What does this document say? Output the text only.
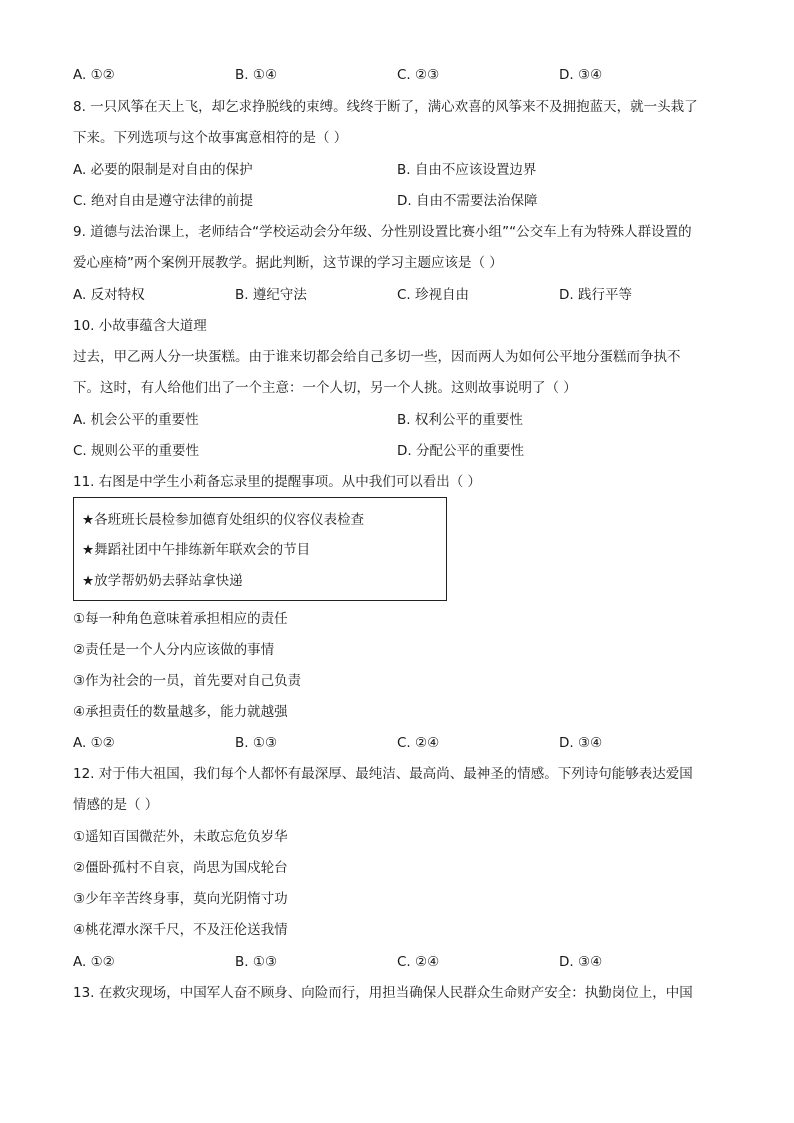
A. ①②	B. ①④	C. ②③	D. ③④
8. 一只风筝在天上飞，却乞求挣脱线的束缚。线终于断了，满心欢喜的风筝来不及拥抱蓝天，就一头栽了
下来。下列选项与这个故事寓意相符的是（ ）
A. 必要的限制是对自由的保护	B. 自由不应该设置边界
C. 绝对自由是遵守法律的前提	D. 自由不需要法治保障
9. 道德与法治课上，老师结合“学校运动会分年级、分性别设置比赛小组”“公交车上有为特殊人群设置的
爱心座椅”两个案例开展教学。据此判断，这节课的学习主题应该是（ ）
A. 反对特权	B. 遵纪守法	C. 珍视自由	D. 践行平等
10. 小故事蕴含大道理
过去，甲乙两人分一块蛋糕。由于谁来切都会给自己多切一些，因而两人为如何公平地分蛋糕而争执不
下。这时，有人给他们出了一个主意：一个人切，另一个人挑。这则故事说明了（ ）
A. 机会公平的重要性	B. 权利公平的重要性
C. 规则公平的重要性	D. 分配公平的重要性
11. 右图是中学生小莉备忘录里的提醒事项。从中我们可以看出（ ）
★各班班长晨检参加德育处组织的仪容仪表检查
★舞蹈社团中午排练新年联欢会的节目
★放学帮奶奶去驿站拿快递
①每一种角色意味着承担相应的责任
②责任是一个人分内应该做的事情
③作为社会的一员，首先要对自己负责
④承担责任的数量越多，能力就越强
A. ①②	B. ①③	C. ②④	D. ③④
12. 对于伟大祖国，我们每个人都怀有最深厚、最纯洁、最高尚、最神圣的情感。下列诗句能够表达爱国
情感的是（ ）
①遥知百国微茫外，未敢忘危负岁华
②僵卧孤村不自哀，尚思为国戍轮台
③少年辛苦终身事，莫向光阴惰寸功
④桃花潭水深千尺，不及汪伦送我情
A. ①②	B. ①③	C. ②④	D. ③④
13. 在救灾现场，中国军人奋不顾身、向险而行，用担当确保人民群众生命财产安全：执勤岗位上，中国
